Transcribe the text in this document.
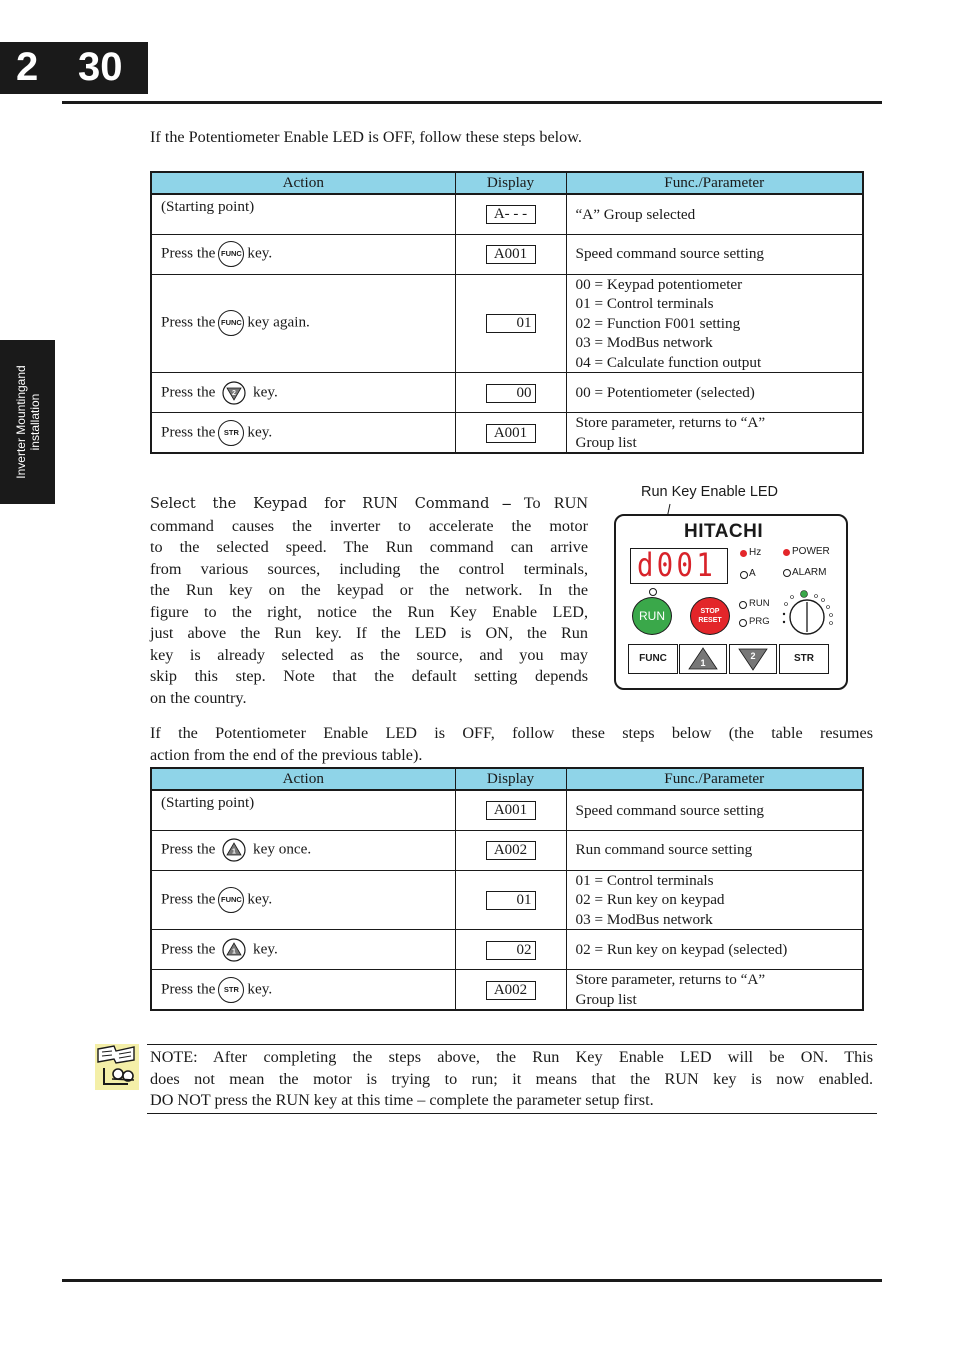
2 30
Inverter Mountingand installation

If the Potentiometer Enable LED is OFF, follow these steps below.

Action	Display	Func./Parameter
(Starting point)	A- - -	“A” Group selected
Press the FUNC key.	A001	Speed command source setting
Press the FUNC key again.	01	00 = Keypad potentiometer
01 = Control terminals
02 = Function F001 setting
03 = ModBus network
04 = Calculate function output

Press the 2 key.	00	00 = Potentiometer (selected)
Press the STR key.	A001	Store parameter, returns to “A”
Group list
Select the Keypad for RUN Command – To RUN
command causes the inverter to accelerate the motor
to the selected speed. The Run command can arrive
from various sources, including the control terminals,
the Run key on the keypad or the network. In the
figure to the right, notice the Run Key Enable LED,
just above the Run key. If the LED is ON, the Run
key is already selected as the source, and you may
skip this step. Note that the default setting depends
on the country.
Run Key Enable LED
HITACHI
d001	Hz
A
POWER
ALARM
RUN
PRG
RUN	STOP
RESET
FUNC	1
2	STR
If the Potentiometer Enable LED is OFF, follow these steps below (the table resumes
action from the end of the previous table).
Action	Display	Func./Parameter
(Starting point)	A001	Speed command source setting
Press the 1 key once.	A002	Run command source setting
Press the FUNC key.	01	01 = Control terminals
02 = Run key on keypad
03 = ModBus network

Press the 1 key.	02	02 = Run key on keypad (selected)
Press the STR key.	A002	Store parameter, returns to “A”
Group list
NOTE: After completing the steps above, the Run Key Enable LED will be ON. This
does not mean the motor is trying to run; it means that the RUN key is now enabled.
DO NOT press the RUN key at this time – complete the parameter setup first.
